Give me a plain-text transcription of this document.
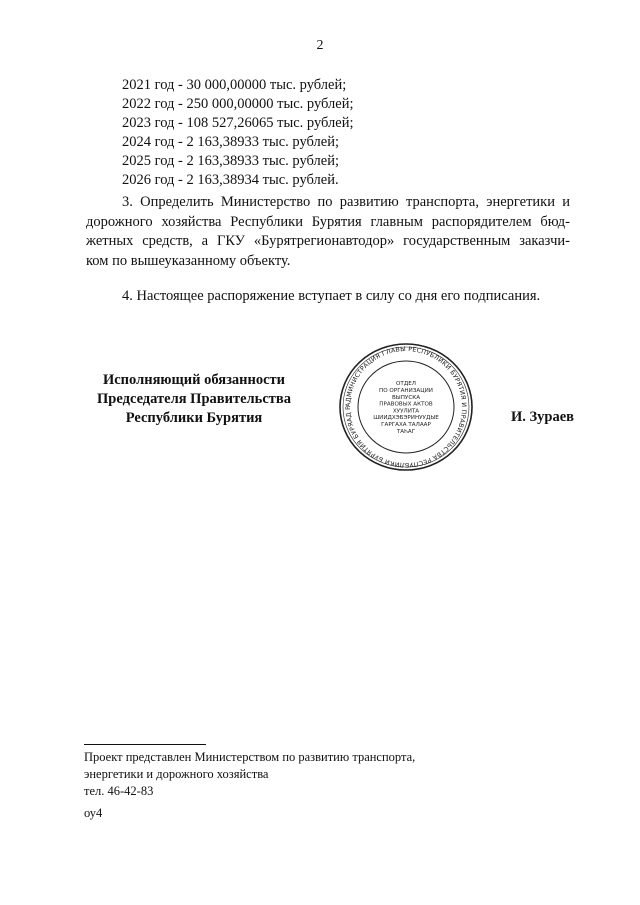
2
2021 год - 30 000,00000 тыс. рублей;
2022 год - 250 000,00000 тыс. рублей;
2023 год - 108 527,26065 тыс. рублей;
2024 год - 2 163,38933 тыс. рублей;
2025 год - 2 163,38933 тыс. рублей;
2026 год - 2 163,38934 тыс. рублей.
3. Определить Министерство по развитию транспорта, энергетики и
дорожного хозяйства Республики Бурятия главным распорядителем бюд-
жетных средств, а ГКУ «Бурятрегионавтодор» государственным заказчи-
ком по вышеуказанному объекту.
4. Настоящее распоряжение вступает в силу со дня его подписания.
Исполняющий обязанности
Председателя Правительства
Республики Бурятия
АДМИНИСТРАЦИЯ ГЛАВЫ РЕСПУБЛИКИ БУРЯТИЯ И ПРАВИТЕЛЬСТВА РЕСПУБЛИКИ БУРЯТИЯ БУРЯАД Р
ОТДЕЛ
ПО ОРГАНИЗАЦИИ
ВЫПУСКА
ПРАВОВЫХ АКТОВ
ХУУЛИТА
ШИИДХЭБЭРИНУУДЫЕ
ГАРГАХА ТАЛААР
ТАҺАГ
И. Зураев
Проект представлен Министерством по развитию транспорта,
энергетики и дорожного хозяйства
тел. 46-42-83
оу4
